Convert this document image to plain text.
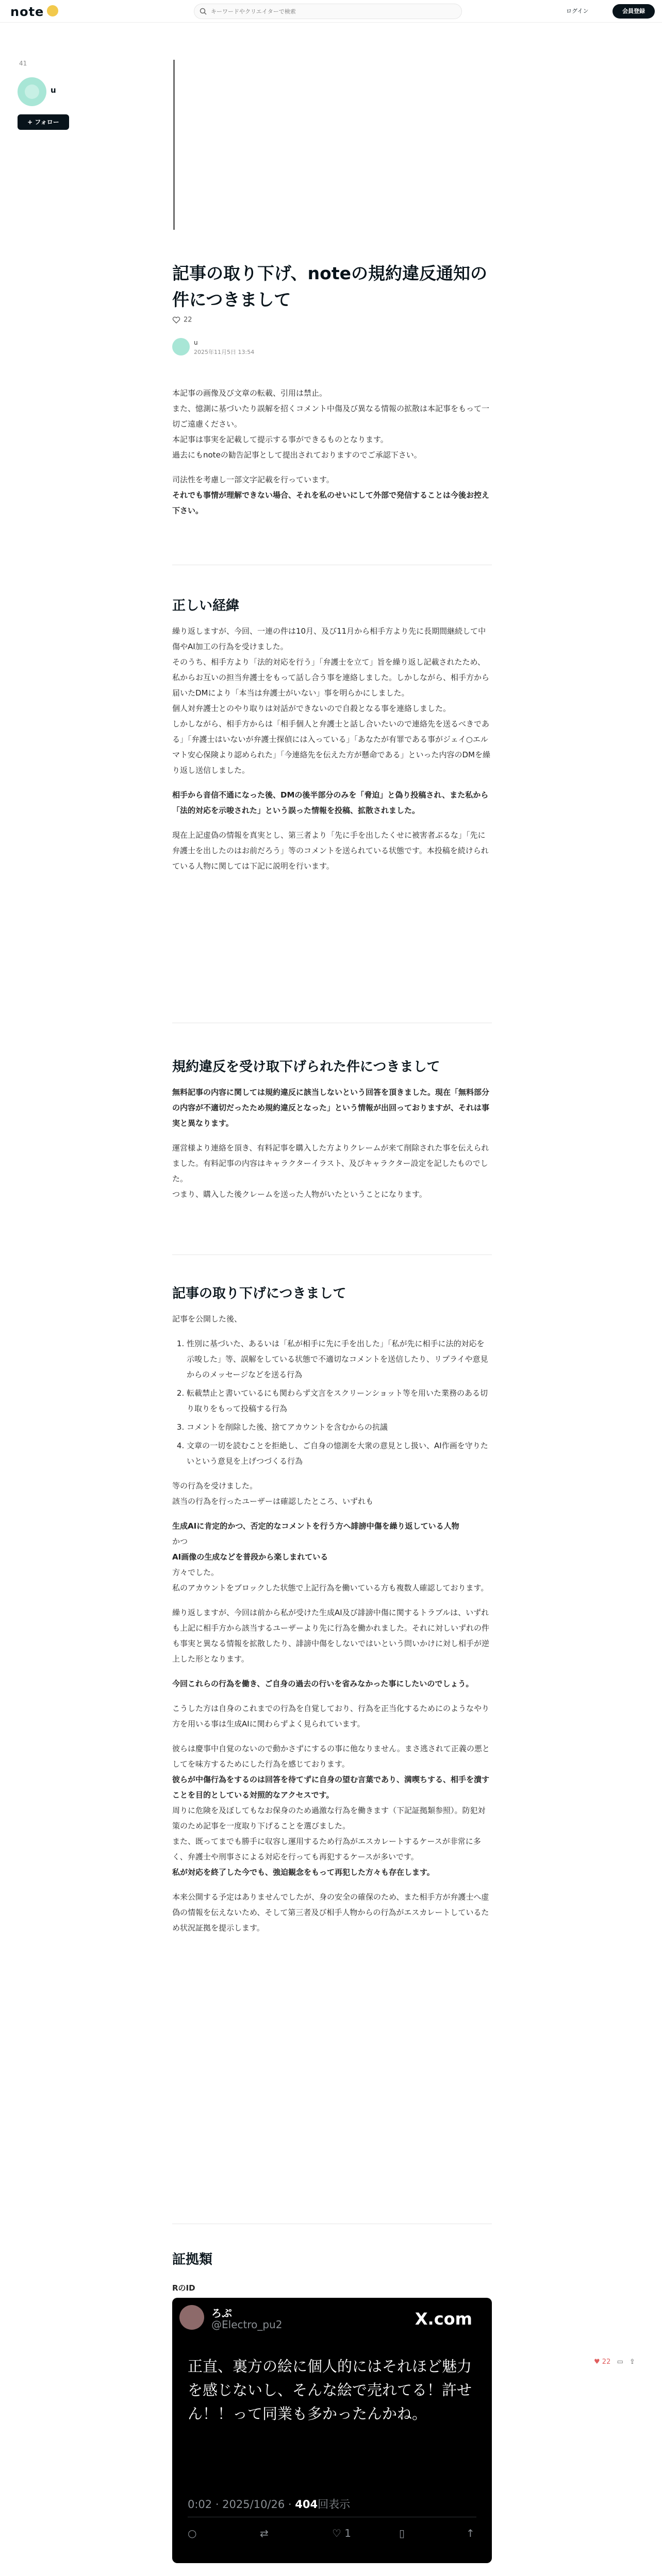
note
キーワードやクリエイターで検索	ログイン	会員登録
41
u
+ フォロー
記事の取り下げ、noteの規約違反通知の件につきまして
22
u
2025年11月5日 13:54
本記事の画像及び文章の転載、引用は禁止。
また、憶測に基づいたり誤解を招くコメント中傷及び異なる情報の拡散は本記事をもって一切ご遠慮ください。
本記事は事実を記載して提示する事ができるものとなります。
過去にもnoteの勧告記事として提出されておりますのでご承認下さい。
司法性を考慮し一部文字記載を行っています。
それでも事情が理解できない場合、それを私のせいにして外部で発信することは今後お控え下さい。
正しい経緯
繰り返しますが、今回、一連の件は10月、及び11月から相手方より先に長期間継続して中傷やAI加工の行為を受けました。
そのうち、相手方より「法的対応を行う」「弁護士を立て」旨を繰り返し記載されたため、私からお互いの担当弁護士をもって話し合う事を連絡しました。しかしながら、相手方から届いたDMにより「本当は弁護士がいない」事を明らかにしました。
個人対弁護士とのやり取りは対話ができないので自殺となる事を連絡しました。
しかしながら、相手方からは「相手個人と弁護士と話し合いたいので連絡先を送るべきである」「弁護士はいないが弁護士探偵には入っている」「あなたが有罪である事がジェイ○エルマト安心保険より認められた」「今連絡先を伝えた方が懸命である」といった内容のDMを繰り返し送信しました。
相手から音信不通になった後、DMの後半部分のみを「脅迫」と偽り投稿され、また私から「法的対応を示唆された」という誤った情報を投稿、拡散されました。
現在上記虚偽の情報を真実とし、第三者より「先に手を出したくせに被害者ぶるな」「先に弁護士を出したのはお前だろう」等のコメントを送られている状態です。本投稿を続けられている人物に関しては下記に説明を行います。
規約違反を受け取下げられた件につきまして
無料記事の内容に関しては規約違反に該当しないという回答を頂きました。現在「無料部分の内容が不適切だったため規約違反となった」という情報が出回っておりますが、それは事実と異なります。
運営様より連絡を頂き、有料記事を購入した方よりクレームが来て削除された事を伝えられました。有料記事の内容はキャラクターイラスト、及びキャラクター設定を記したものでした。
つまり、購入した後クレームを送った人物がいたということになります。
記事の取り下げにつきまして
記事を公開した後、
1. 性別に基づいた、あるいは「私が相手に先に手を出した」「私が先に相手に法的対応を示唆した」等、誤解をしている状態で不適切なコメントを送信したり、リプライや意見からのメッセージなどを送る行為
2. 転載禁止と書いているにも関わらず文言をスクリーンショット等を用いた業務のある切り取りをもって投稿する行為
3. コメントを削除した後、捨てアカウントを含むからの抗議
4. 文章の一切を読むことを拒絶し、ご自身の憶測を大衆の意見とし扱い、AI作画を守りたいという意見を上げつづくる行為
等の行為を受けました。
該当の行為を行ったユーザーは確認したところ、いずれも
生成AIに肯定的かつ、否定的なコメントを行う方へ誹謗中傷を繰り返している人物
かつ
AI画像の生成などを普段から楽しまれている
方々でした。
私のアカウントをブロックした状態で上記行為を働いている方も複数人確認しております。
繰り返しますが、今回は前から私が受けた生成AI及び誹謗中傷に関するトラブルは、いずれも上記に相手方から該当するユーザーより先に行為を働かれました。それに対しいずれの件も事実と異なる情報を拡散したり、誹謗中傷をしないではいという問いかけに対し相手が逆上した形となります。
今回これらの行為を働き、ご自身の過去の行いを省みなかった事にしたいのでしょう。
こうした方は自身のこれまでの行為を自覚しており、行為を正当化するためにのようなやり方を用いる事は生成AIに関わらずよく見られています。
彼らは慶事中自覚のないので動かさずにするの事に他なりません。まさ逃されて正義の悪としてを味方するためにした行為を感じております。
彼らが中傷行為をするのは回答を待てずに自身の望む言葉であり、満喫ちする、相手を潰すことを目的としている対照的なアクセスです。
周りに危険を及ぼしてもなお保身のため過激な行為を働きます（下記証拠類参照）。防犯対策のため記事を一度取り下げることを選びました。
また、既ってまでも勝手に収容し運用するため行為がエスカレートするケースが非常に多く、弁護士や刑事さによる対応を行っても再犯するケースが多いです。
私が対応を終了した今でも、強迫観念をもって再犯した方々も存在します。
本来公開する予定はありませんでしたが、身の安全の確保のため、また相手方が弁護士へ虚偽の情報を伝えないため、そして第三者及び相手人物からの行為がエスカレートしているため状況証拠を提示します。
証拠類
RのID
ろぷ
@Electro_pu2	X.com
正直、裏方の絵に個人的にはそれほど魅力を感じないし、そんな絵で売れてる！許せん！！って同業も多かったんかね。
0:02 · 2025/10/26 · 404回表示
○	⇄	♡ 1	▯	↑
♥ 22 ▭ ⇪
